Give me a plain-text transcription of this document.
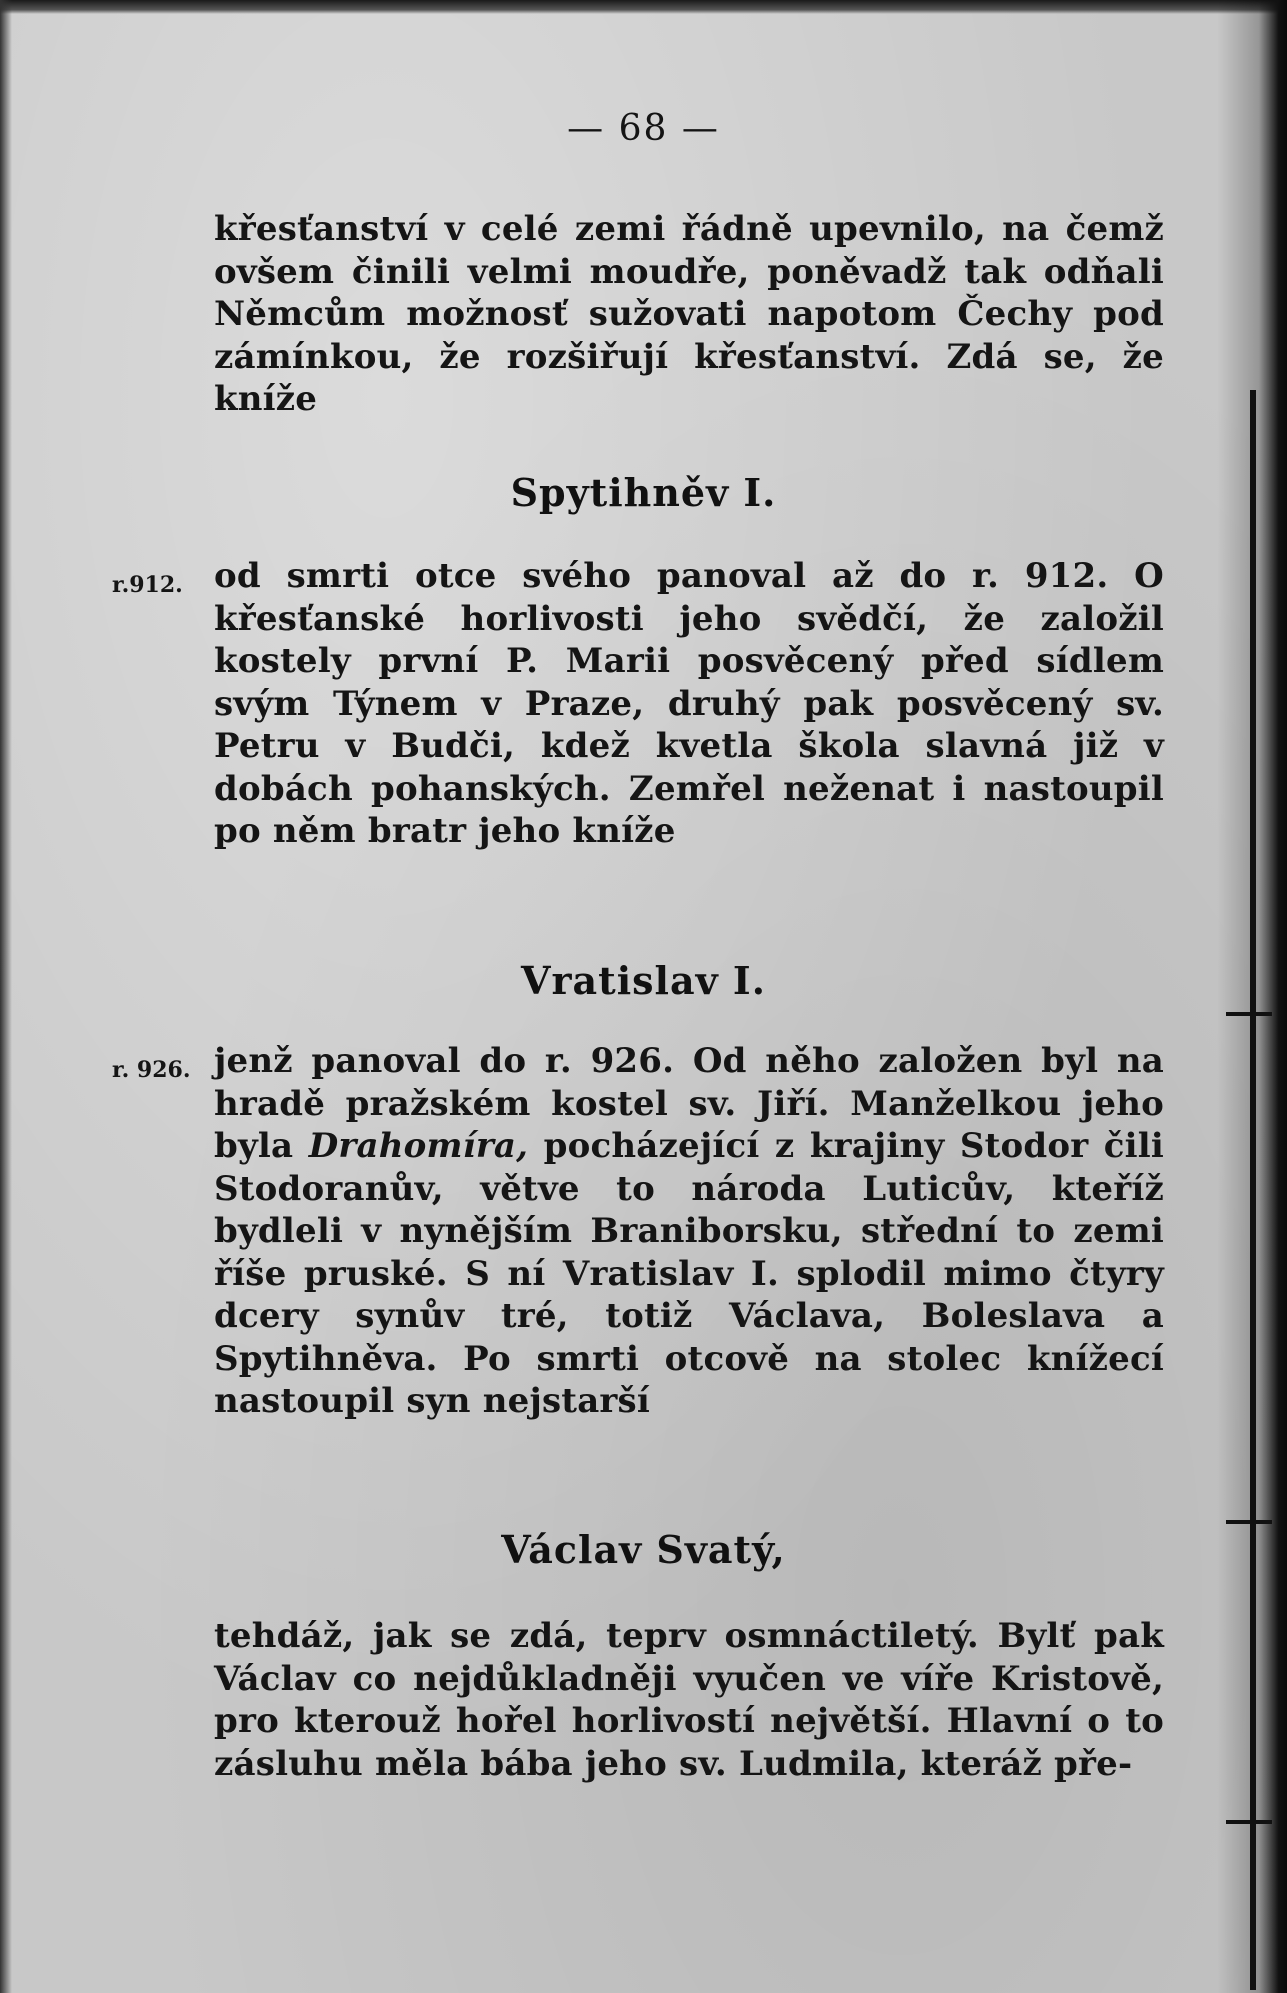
— 68 —

křesťanství v celé zemi řádně upevnilo, na čemž ovšem činili velmi moudře, poněvadž tak odňali Němcům možnosť sužovati napotom Čechy pod zámínkou, že rozšiřují křesťanství. Zdá se, že kníže

Spytihněv I.
r.912. od smrti otce svého panoval až do r. 912. O křesťanské horlivosti jeho svědčí, že založil kostely první P. Marii posvěcený před sídlem svým Týnem v Praze, druhý pak posvěcený sv. Petru v Budči, kdež kvetla škola slavná již v dobách pohanských. Zemřel neženat i nastoupil po něm bratr jeho kníže

Vratislav I.
r. 926. jenž panoval do r. 926. Od něho založen byl na hradě pražském kostel sv. Jiří. Manželkou jeho byla Drahomíra, pocházející z krajiny Stodor čili Stodoranův, větve to národa Luticův, kteříž bydleli v nynějším Braniborsku, střední to zemi říše pruské. S ní Vratislav I. splodil mimo čtyry dcery synův tré, totiž Václava, Boleslava a Spytihněva. Po smrti otcově na stolec knížecí nastoupil syn nejstarší

Václav Svatý,

tehdáž, jak se zdá, teprv osmnáctiletý. Bylť pak Václav co nejdůkladněji vyučen ve víře Kristově, pro kterouž hořel horlivostí největší. Hlavní o to zásluhu měla bába jeho sv. Ludmila, kteráž pře-
